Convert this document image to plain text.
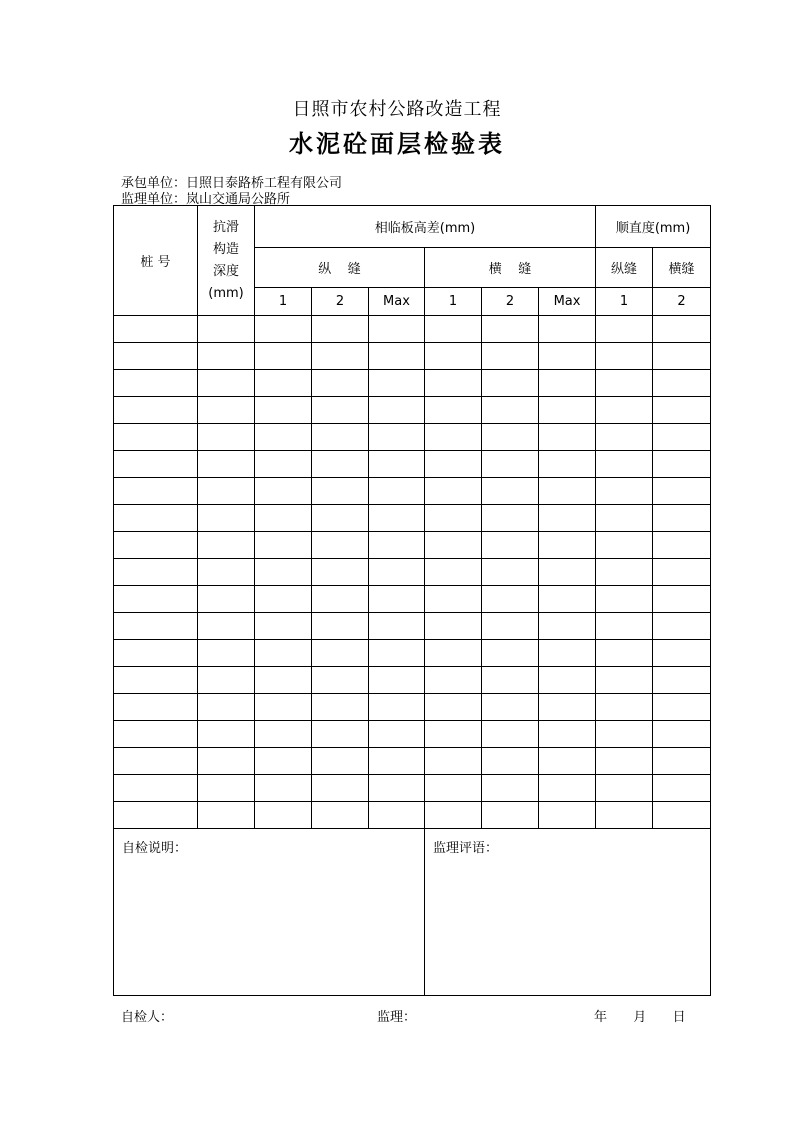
日照市农村公路改造工程
水泥砼面层检验表
承包单位：日照日泰路桥工程有限公司
监理单位：岚山交通局公路所
桩 号	抗滑
构造
深度
(mm)	相临板高差(mm)						顺直度(mm)	
		纵    缝			横    缝			纵缝	横缝
		1	2	Max	1	2	Max	1	2

自检说明：					监理评语：				
自检人：	监理：	年 月 日
